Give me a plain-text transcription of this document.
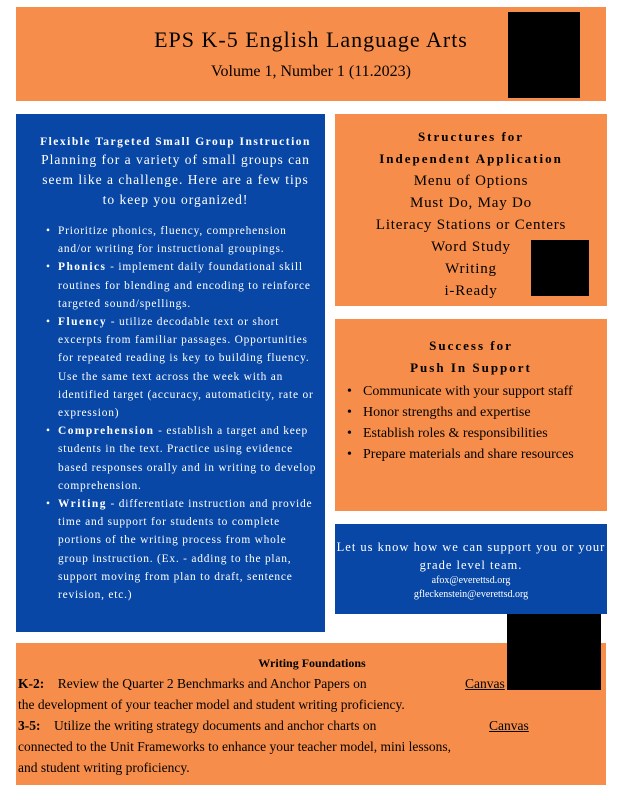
EPS K-5 English Language Arts
Volume 1, Number 1 (11.2023)
Flexible Targeted Small Group Instruction
Planning for a variety of small groups can seem like a challenge. Here are a few tips to keep you organized!
• Prioritize phonics, fluency, comprehension and/or writing for instructional groupings.
• Phonics - implement daily foundational skill routines for blending and encoding to reinforce targeted sound/spellings.
• Fluency - utilize decodable text or short excerpts from familiar passages. Opportunities for repeated reading is key to building fluency. Use the same text across the week with an identified target (accuracy, automaticity, rate or expression)
• Comprehension - establish a target and keep students in the text. Practice using evidence based responses orally and in writing to develop comprehension.
• Writing - differentiate instruction and provide time and support for students to complete portions of the writing process from whole group instruction. (Ex. - adding to the plan, support moving from plan to draft, sentence revision, etc.)
Structures for
Independent Application
Menu of Options
Must Do, May Do
Literacy Stations or Centers
Word Study
Writing
i-Ready
Success for
Push In Support
• Communicate with your support staff
• Honor strengths and expertise
• Establish roles & responsibilities
• Prepare materials and share resources
Let us know how we can support you or your grade level team.
afox@everettsd.org
gfleckenstein@everettsd.org
Writing Foundations
K-2: Review the Quarter 2 Benchmarks and Anchor Papers on	Canvas
the development of your teacher model and student writing proficiency.
3-5: Utilize the writing strategy documents and anchor charts on	Canvas
connected to the Unit Frameworks to enhance your teacher model, mini lessons,
and student writing proficiency.
